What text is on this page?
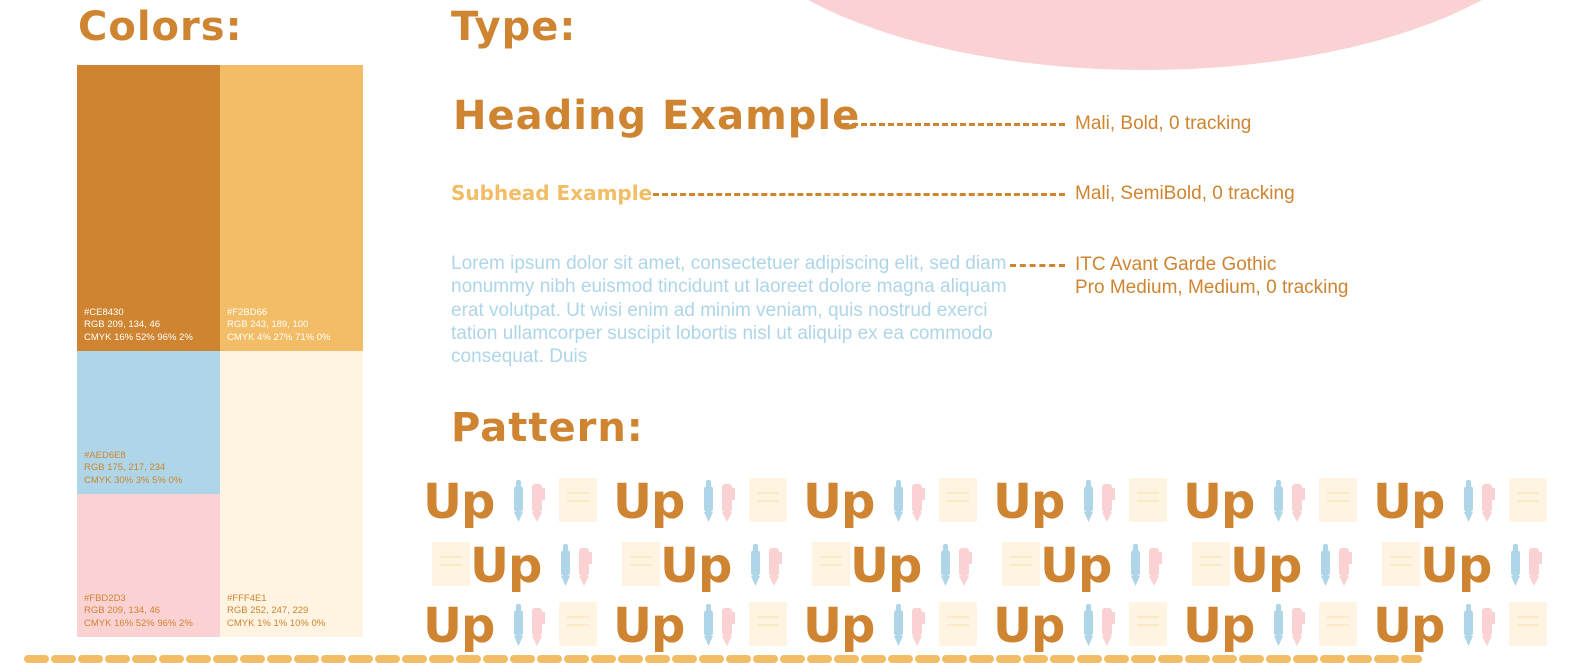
Colors:	Type:
Pattern:
#CE8430
RGB 209, 134, 46
CMYK 16% 52% 96% 2%
#F2BD66
RGB 243, 189, 100
CMYK 4% 27% 71% 0%
#AED6E8
RGB 175, 217, 234
CMYK 30% 3% 5% 0%
#FBD2D3
RGB 209, 134, 46
CMYK 16% 52% 96% 2%
#FFF4E1
RGB 252, 247, 229
CMYK 1% 1% 10% 0%
Heading Example	Mali, Bold, 0 tracking

Subhead Example	Mali, SemiBold, 0 tracking

Lorem ipsum dolor sit amet, consectetuer adipiscing elit, sed diam nonummy nibh euismod tincidunt ut laoreet dolore magna aliquam erat volutpat. Ut wisi enim ad minim veniam, quis nostrud exerci tation ullamcorper suscipit lobortis nisl ut aliquip ex ea commodo consequat. Duis

ITC Avant Garde Gothic
Pro Medium, Medium, 0 tracking

Up Up Up Up Up Up
Up Up Up Up Up Up
Up Up Up Up Up Up
